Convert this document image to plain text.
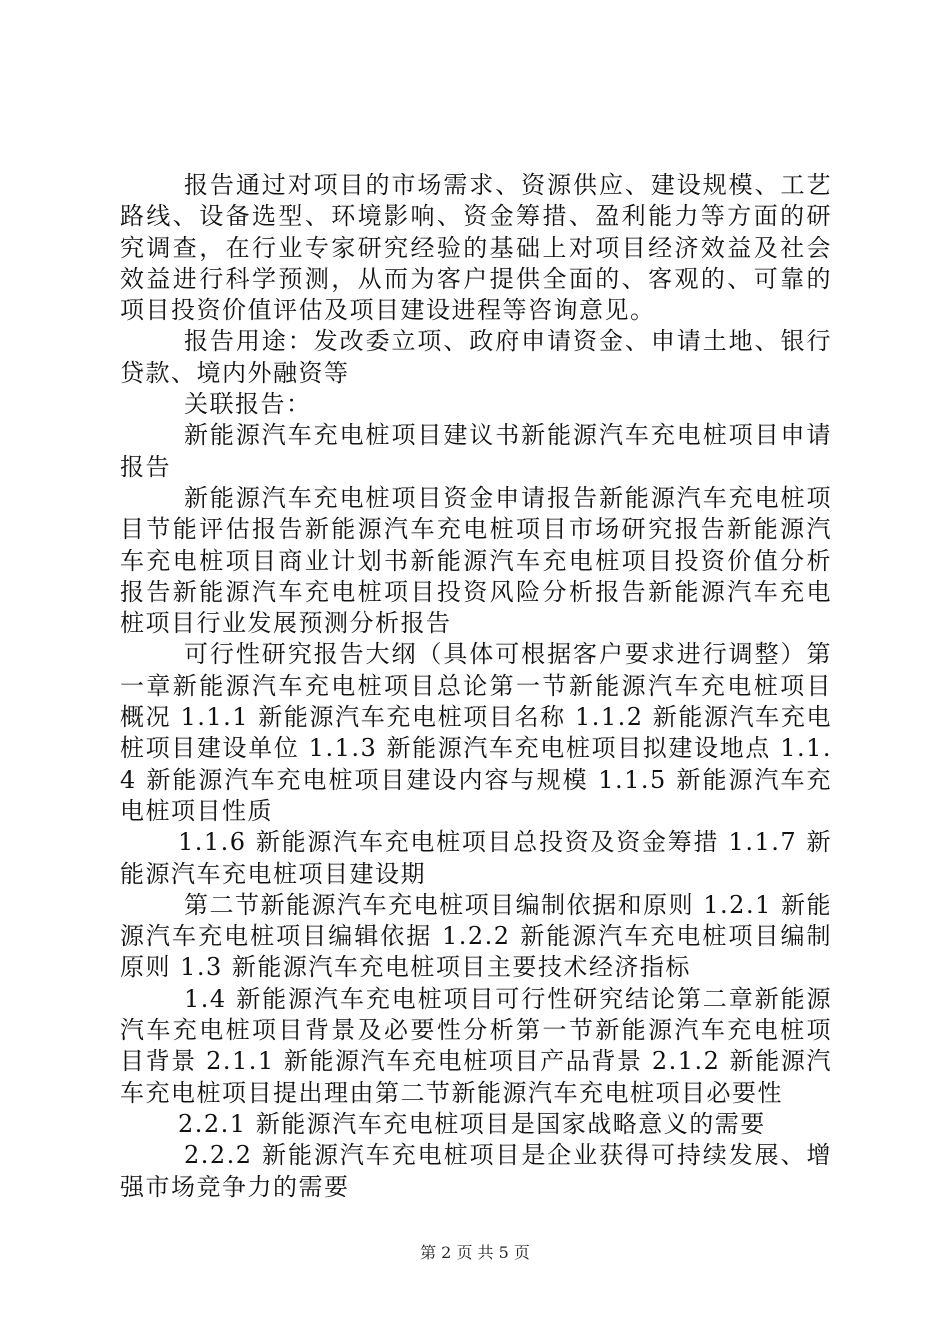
报告通过对项目的市场需求、资源供应、建设规模、工艺路线、设备选型、环境影响、资金筹措、盈利能力等方面的研究调查，在行业专家研究经验的基础上对项目经济效益及社会效益进行科学预测，从而为客户提供全面的、客观的、可靠的项目投资价值评估及项目建设进程等咨询意见。

报告用途：发改委立项、政府申请资金、申请土地、银行贷款、境内外融资等

关联报告：

新能源汽车充电桩项目建议书新能源汽车充电桩项目申请报告

新能源汽车充电桩项目资金申请报告新能源汽车充电桩项目节能评估报告新能源汽车充电桩项目市场研究报告新能源汽车充电桩项目商业计划书新能源汽车充电桩项目投资价值分析报告新能源汽车充电桩项目投资风险分析报告新能源汽车充电桩项目行业发展预测分析报告

可行性研究报告大纲（具体可根据客户要求进行调整）第一章新能源汽车充电桩项目总论第一节新能源汽车充电桩项目概况 1.1.1 新能源汽车充电桩项目名称 1.1.2 新能源汽车充电桩项目建设单位 1.1.3 新能源汽车充电桩项目拟建设地点 1.1.4 新能源汽车充电桩项目建设内容与规模 1.1.5 新能源汽车充电桩项目性质

1.1.6 新能源汽车充电桩项目总投资及资金筹措 1.1.7 新能源汽车充电桩项目建设期

第二节新能源汽车充电桩项目编制依据和原则 1.2.1 新能源汽车充电桩项目编辑依据 1.2.2 新能源汽车充电桩项目编制原则 1.3 新能源汽车充电桩项目主要技术经济指标

1.4 新能源汽车充电桩项目可行性研究结论第二章新能源汽车充电桩项目背景及必要性分析第一节新能源汽车充电桩项目背景 2.1.1 新能源汽车充电桩项目产品背景 2.1.2 新能源汽车充电桩项目提出理由第二节新能源汽车充电桩项目必要性

2.2.1 新能源汽车充电桩项目是国家战略意义的需要

2.2.2 新能源汽车充电桩项目是企业获得可持续发展、增强市场竞争力的需要

第 2 页 共 5 页
